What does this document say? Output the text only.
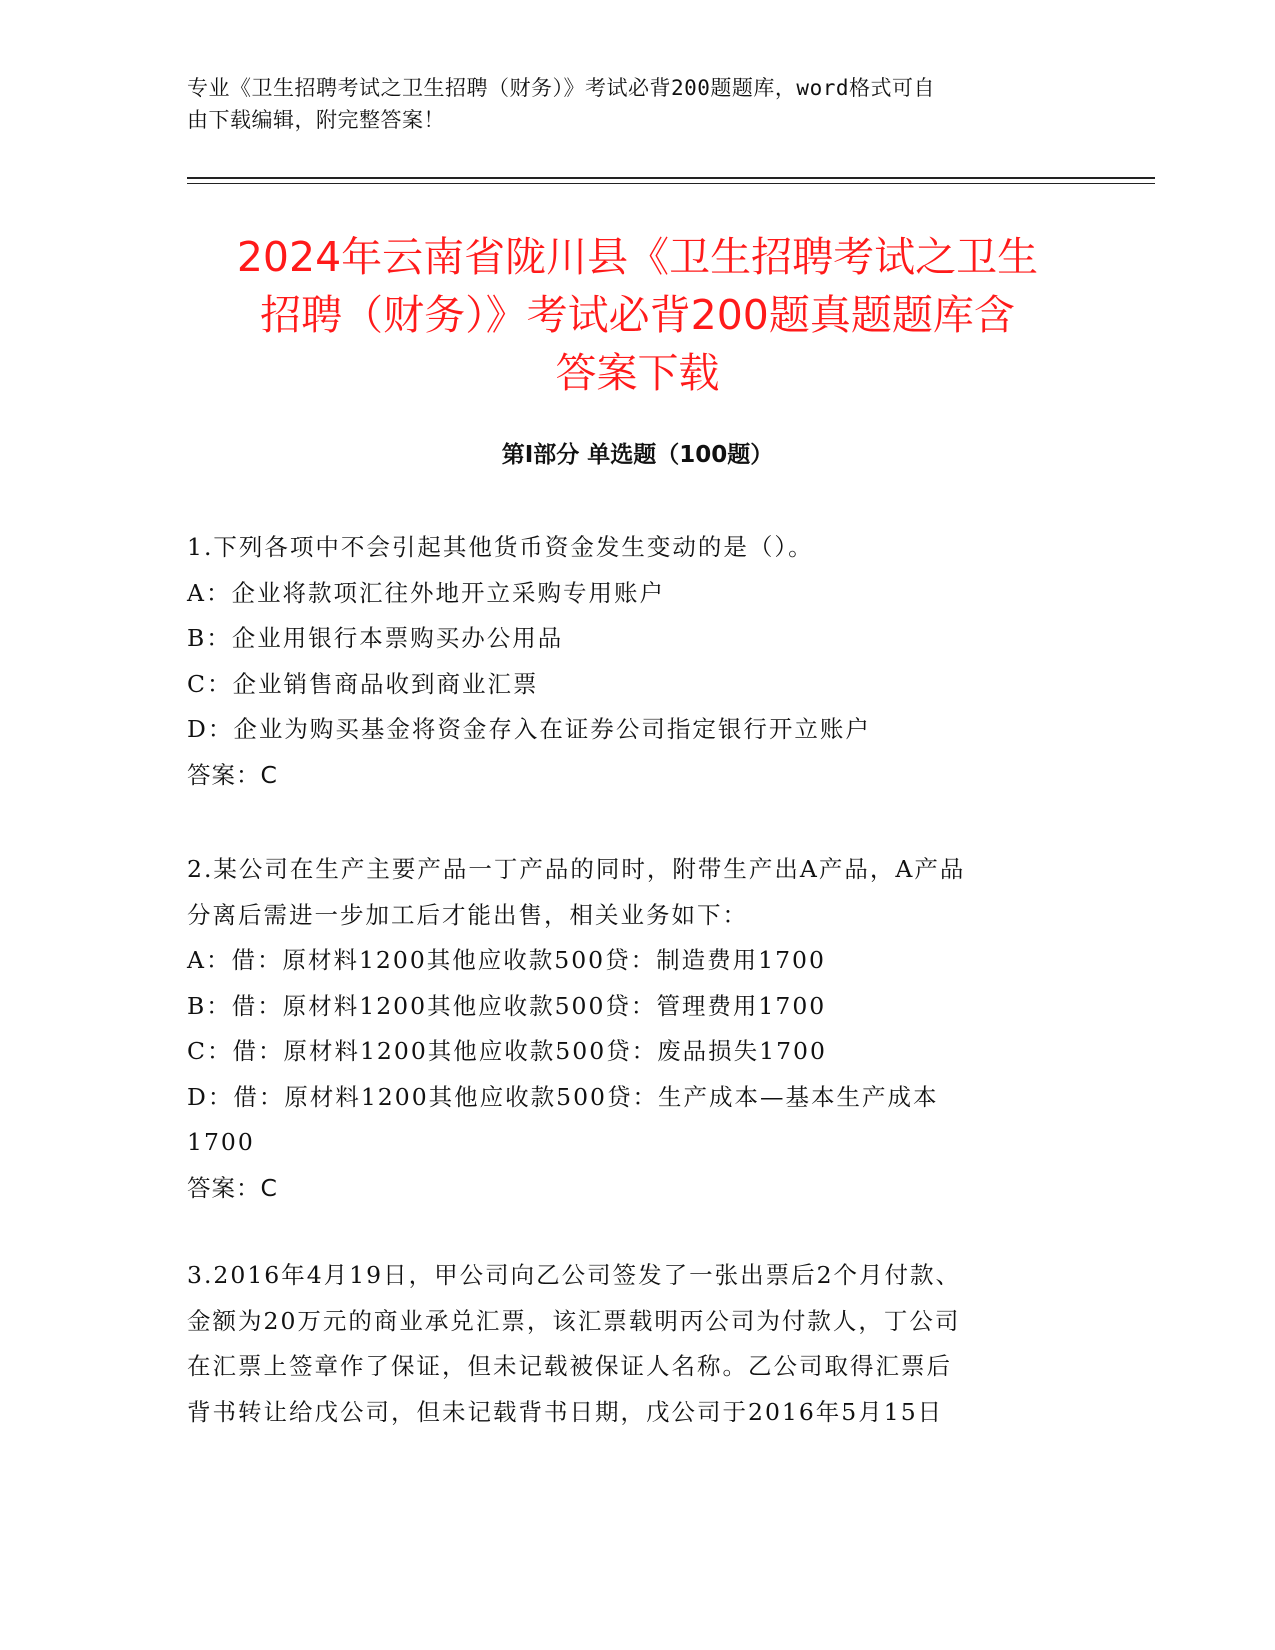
专业《卫生招聘考试之卫生招聘（财务）》考试必背200题题库，word格式可自
由下载编辑，附完整答案！
2024年云南省陇川县《卫生招聘考试之卫生
招聘（财务）》考试必背200题真题题库含
答案下载
第Ⅰ部分 单选题（100题）
1.下列各项中不会引起其他货币资金发生变动的是（）。
A：企业将款项汇往外地开立采购专用账户
B：企业用银行本票购买办公用品
C：企业销售商品收到商业汇票
D：企业为购买基金将资金存入在证券公司指定银行开立账户
答案：C
2.某公司在生产主要产品一丁产品的同时，附带生产出A产品，A产品
分离后需进一步加工后才能出售，相关业务如下：
A：借：原材料1200其他应收款500贷：制造费用1700
B：借：原材料1200其他应收款500贷：管理费用1700
C：借：原材料1200其他应收款500贷：废品损失1700
D：借：原材料1200其他应收款500贷：生产成本—基本生产成本
1700
答案：C
3.2016年4月19日，甲公司向乙公司签发了一张出票后2个月付款、
金额为20万元的商业承兑汇票，该汇票载明丙公司为付款人，丁公司
在汇票上签章作了保证，但未记载被保证人名称。乙公司取得汇票后
背书转让给戊公司，但未记载背书日期，戊公司于2016年5月15日
